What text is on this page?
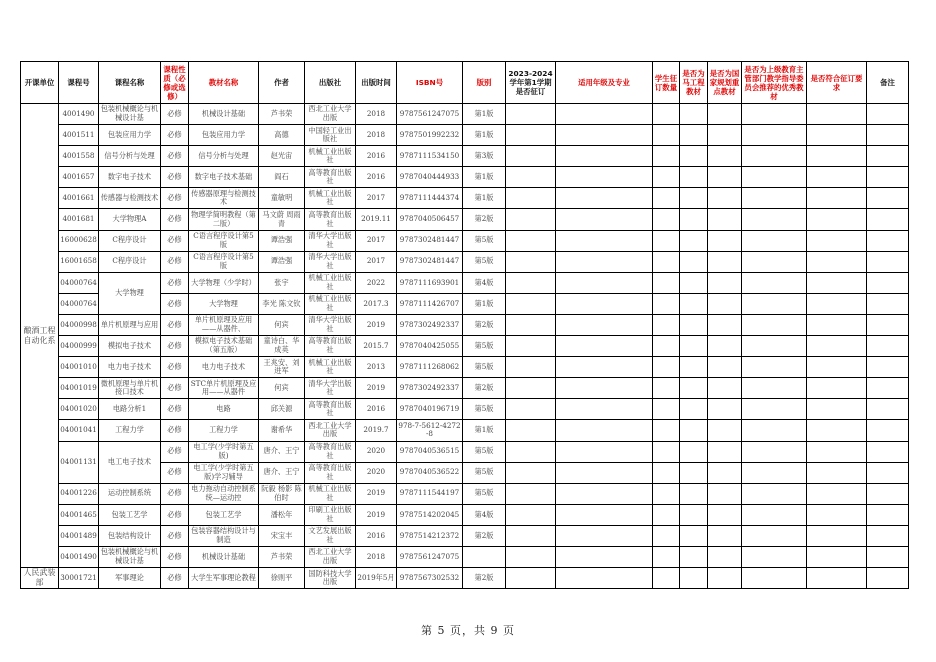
开课单位	课程号	课程名称	课程性质（必修或选修）	教材名称	作者	出版社	出版时间	ISBN号	版别	2023-2024学年第1学期是否征订	适用年级及专业	学生征订数量	是否为马工程教材	是否为国家规划重点教材	是否为上级教育主管部门教学指导委员会推荐的优秀教材	是否符合征订要求	备注
酿酒工程自动化系	4001490	包装机械概论与机械设计基	必修	机械设计基础	芦书荣	西北工业大学出版	2018	9787561247075	第1版								
	4001511	包装应用力学	必修	包装应用力学	高德	中国轻工业出版社	2018	9787501992232	第1版								
	4001558	信号分析与处理	必修	信号分析与处理	赵光宙	机械工业出版社	2016	9787111534150	第3版								
	4001657	数字电子技术	必修	数字电子技术基础	阎石	高等教育出版社	2016	9787040444933	第1版								
	4001661	传感器与检测技术	必修	传感器原理与检测技术	童敏明	机械工业出版社	2017	9787111444374	第1版								
	4001681	大学物理A	必修	物理学简明教程（第二版）	马文蔚 周雨青	高等教育出版社	2019.11	9787040506457	第2版								
	16000628	C程序设计	必修	C语言程序设计第5版	谭浩强	清华大学出版社	2017	9787302481447	第5版								
	16001658	C程序设计	必修	C语言程序设计第5版	谭浩强	清华大学出版社	2017	9787302481447	第5版								
	04000764	大学物理	必修	大学物理（少学时）	张宇	机械工业出版社	2022	9787111693901	第4版								
	04000764		必修	大学物理	李光 陈文钦	机械工业出版社	2017.3	9787111426707	第1版								
	04000998	单片机原理与应用	必修	单片机原理及应用——从器件、	何宾	清华大学出版社	2019	9787302492337	第2版								
	04000999	模拟电子技术	必修	模拟电子技术基础（第五版）	童诗白、华成英	高等教育出版社	2015.7	9787040425055	第5版								
	04001010	电力电子技术	必修	电力电子技术	王兆安、刘进军	机械工业出版社	2013	9787111268062	第5版								
	04001019	微机原理与单片机接口技术	必修	STC单片机原理及应用——从器件	何宾	清华大学出版社	2019	9787302492337	第2版								
	04001020	电路分析1	必修	电路	邱关源	高等教育出版社	2016	9787040196719	第5版								
	04001041	工程力学	必修	工程力学	谢希华	西北工业大学出版	2019.7	978-7-5612-4272-8	第1版								
	04001131	电工电子技术	必修	电工学(少学时第五版)	唐介、王宁	高等教育出版社	2020	9787040536515	第5版								
			必修	电工学(少学时第五版)学习辅导	唐介、王宁	高等教育出版社	2020	9787040536522	第5版								
	04001226	运动控制系统	必修	电力拖动自动控制系统—运动控	阮毅 杨影 陈伯时	机械工业出版社	2019	9787111544197	第5版								
	04001465	包装工艺学	必修	包装工艺学	潘松年	印刷工业出版社	2019	9787514202045	第4版								
	04001489	包装结构设计	必修	包装容器结构设计与制造	宋宝丰	文艺发展出版社	2016	9787514212372	第2版								
	04001490	包装机械概论与机械设计基	必修	机械设计基础	芦书荣	西北工业大学出版	2018	9787561247075									
人民武装部	30001721	军事理论	必修	大学生军事理论教程	徐则平	国防科技大学出版	2019年5月	9787567302532	第2版								
第 5 页，共 9 页
